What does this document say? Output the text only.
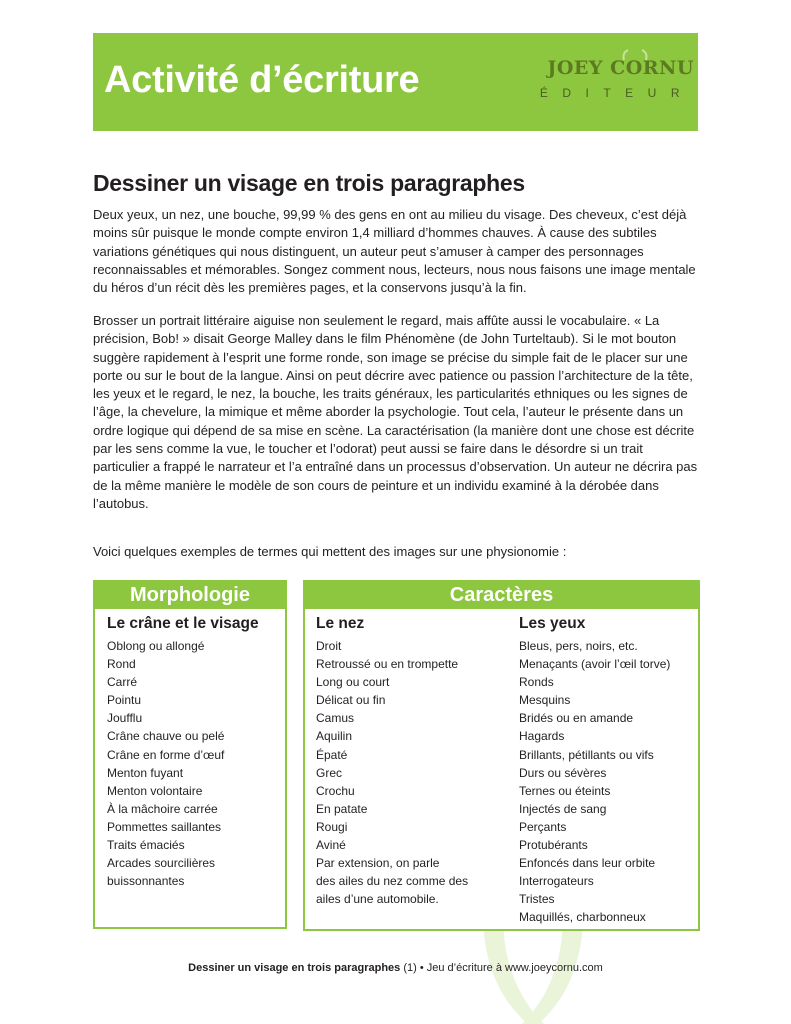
Activité d’écriture	JOEY CORNU
ÉDITEUR
Dessiner un visage en trois paragraphes

Deux yeux, un nez, une bouche, 99,99 % des gens en ont au milieu du visage. Des cheveux, c’est déjà moins sûr puisque le monde compte environ 1,4 milliard d’hommes chauves. À cause des subtiles variations génétiques qui nous distinguent, un auteur peut s’amuser à camper des personnages reconnaissables et mémorables. Songez comment nous, lecteurs, nous nous faisons une image mentale du héros d’un récit dès les premières pages, et la conservons jusqu’à la fin.

Brosser un portrait littéraire aiguise non seulement le regard, mais affûte aussi le vocabulaire. « La précision, Bob! » disait George Malley dans le film Phénomène (de John Turteltaub). Si le mot bouton suggère rapidement à l’esprit une forme ronde, son image se précise du simple fait de le placer sur une porte ou sur le bout de la langue. Ainsi on peut décrire avec patience ou passion l’architecture de la tête, les yeux et le regard, le nez, la bouche, les traits généraux, les particularités ethniques ou les signes de l’âge, la chevelure, la mimique et même aborder la psychologie. Tout cela, l’auteur le présente dans un ordre logique qui dépend de sa mise en scène. La caractérisation (la manière dont une chose est décrite par les sens comme la vue, le toucher et l’odorat) peut aussi se faire dans le désordre si un trait particulier a frappé le narrateur et l’a entraîné dans un processus d’observation. Un auteur ne décrira pas de la même manière le modèle de son cours de peinture et un individu examiné à la dérobée dans l’autobus.

Voici quelques exemples de termes qui mettent des images sur une physionomie :

Morphologie
Le crâne et le visage
Oblong ou allongé
Rond
Carré
Pointu
Joufflu
Crâne chauve ou pelé
Crâne en forme d’œuf
Menton fuyant
Menton volontaire
À la mâchoire carrée
Pommettes saillantes
Traits émaciés
Arcades sourcilières
buissonnantes
Caractères
Le nez
Droit
Retroussé ou en trompette
Long ou court
Délicat ou fin
Camus
Aquilin
Épaté
Grec
Crochu
En patate
Rougi
Aviné
Par extension, on parle
des ailes du nez comme des
ailes d’une automobile.
Les yeux
Bleus, pers, noirs, etc.
Menaçants (avoir l’œil torve)
Ronds
Mesquins
Bridés ou en amande
Hagards
Brillants, pétillants ou vifs
Durs ou sévères
Ternes ou éteints
Injectés de sang
Perçants
Protubérants
Enfoncés dans leur orbite
Interrogateurs
Tristes
Maquillés, charbonneux
Dessiner un visage en trois paragraphes (1) • Jeu d’écriture à www.joeycornu.com
